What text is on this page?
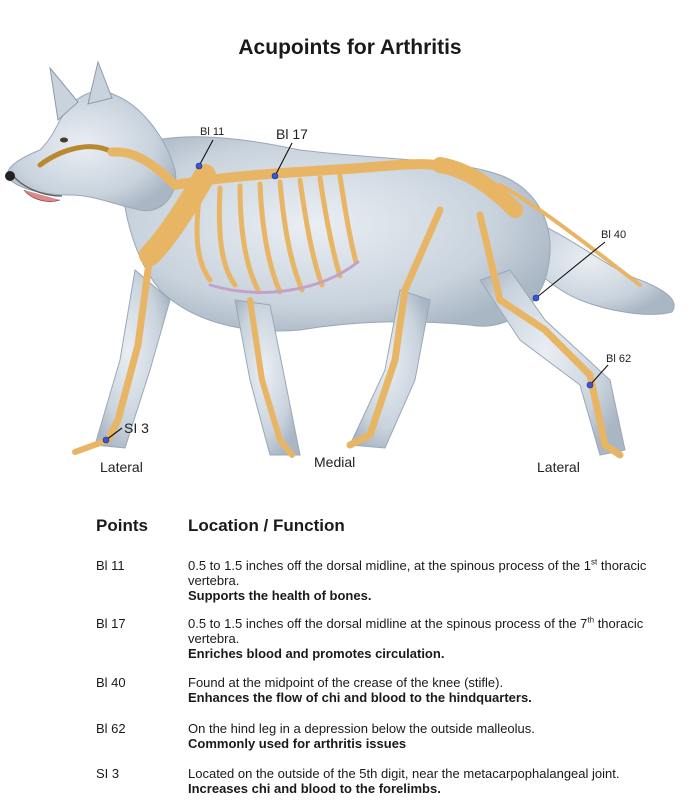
Acupoints for Arthritis
Bl 11	Bl 17
Bl 40
Bl 62
SI 3
Lateral	Medial	Lateral
Points Location / Function
Bl 11	0.5 to 1.5 inches off the dorsal midline, at the spinous process of the 1st thoracic vertebra.
Supports the health of bones.
Bl 17	0.5 to 1.5 inches off the dorsal midline at the spinous process of the 7th thoracic vertebra.
Enriches blood and promotes circulation.
Bl 40	Found at the midpoint of the crease of the knee (stifle).
Enhances the flow of chi and blood to the hindquarters.
Bl 62	On the hind leg in a depression below the outside malleolus.
Commonly used for arthritis issues
SI 3	Located on the outside of the 5th digit, near the metacarpophalangeal joint.
Increases chi and blood to the forelimbs.
